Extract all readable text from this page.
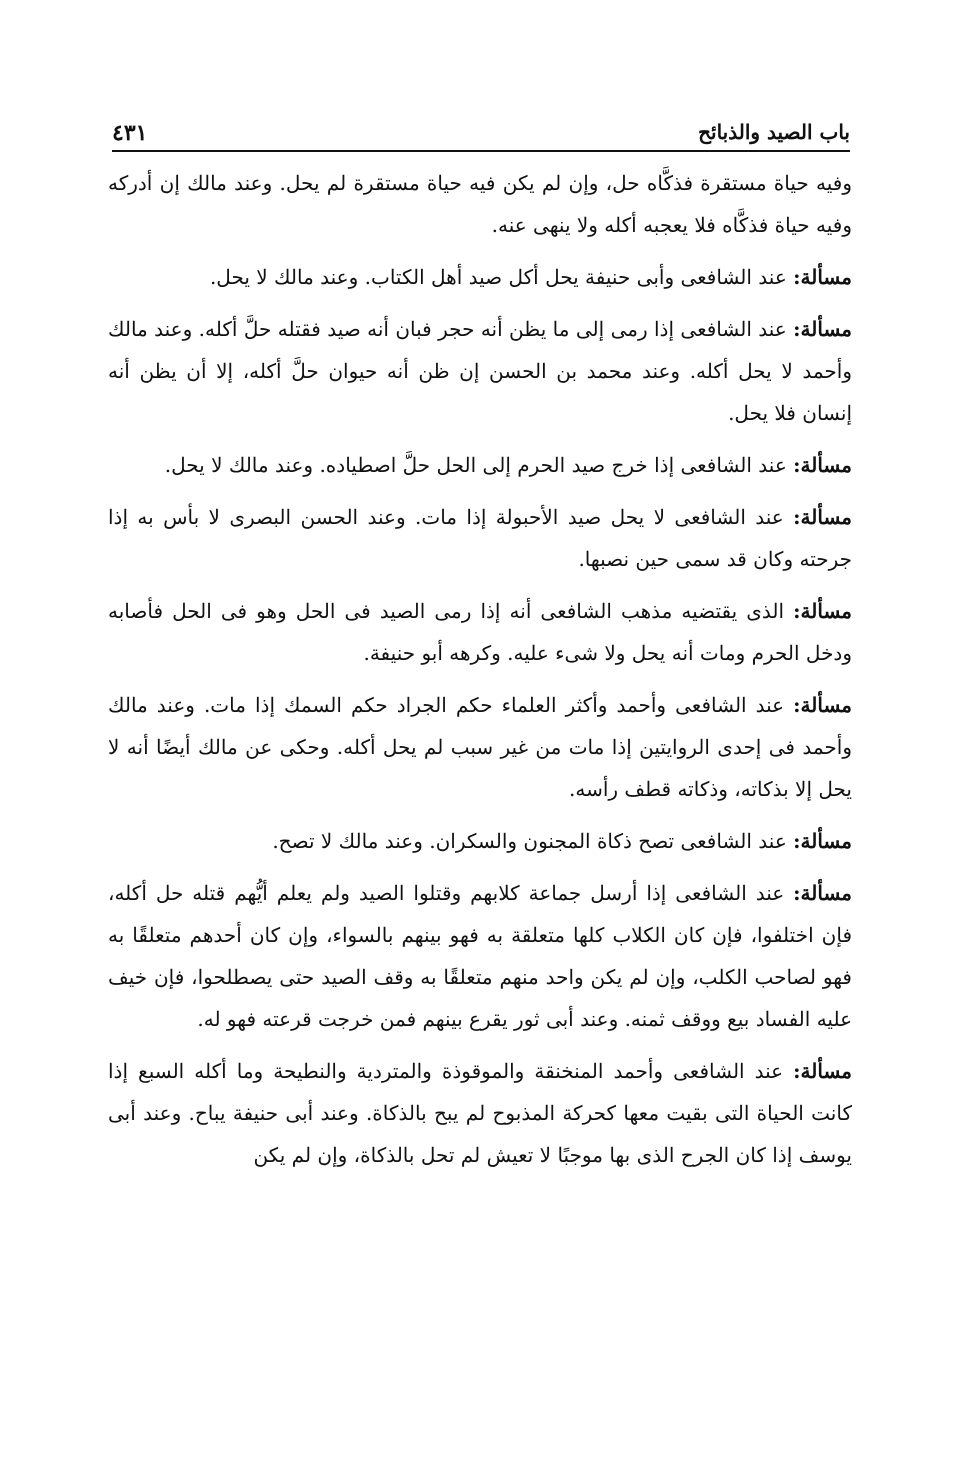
باب الصيد والذبائح
٤٣١

وفيه حياة مستقرة فذكَّاه حل، وإن لم يكن فيه حياة مستقرة لم يحل. وعند مالك إن أدركه وفيه حياة فذكَّاه فلا يعجبه أكله ولا ينهى عنه.

مسألة: عند الشافعى وأبى حنيفة يحل أكل صيد أهل الكتاب. وعند مالك لا يحل.

مسألة: عند الشافعى إذا رمى إلى ما يظن أنه حجر فبان أنه صيد فقتله حلَّ أكله. وعند مالك وأحمد لا يحل أكله. وعند محمد بن الحسن إن ظن أنه حيوان حلَّ أكله، إلا أن يظن أنه إنسان فلا يحل.

مسألة: عند الشافعى إذا خرج صيد الحرم إلى الحل حلَّ اصطياده. وعند مالك لا يحل.

مسألة: عند الشافعى لا يحل صيد الأحبولة إذا مات. وعند الحسن البصرى لا بأس به إذا جرحته وكان قد سمى حين نصبها.

مسألة: الذى يقتضيه مذهب الشافعى أنه إذا رمى الصيد فى الحل وهو فى الحل فأصابه ودخل الحرم ومات أنه يحل ولا شىء عليه. وكرهه أبو حنيفة.

مسألة: عند الشافعى وأحمد وأكثر العلماء حكم الجراد حكم السمك إذا مات. وعند مالك وأحمد فى إحدى الروايتين إذا مات من غير سبب لم يحل أكله. وحكى عن مالك أيضًا أنه لا يحل إلا بذكاته، وذكاته قطف رأسه.

مسألة: عند الشافعى تصح ذكاة المجنون والسكران. وعند مالك لا تصح.

مسألة: عند الشافعى إذا أرسل جماعة كلابهم وقتلوا الصيد ولم يعلم أيُّهم قتله حل أكله، فإن اختلفوا، فإن كان الكلاب كلها متعلقة به فهو بينهم بالسواء، وإن كان أحدهم متعلقًا به فهو لصاحب الكلب، وإن لم يكن واحد منهم متعلقًا به وقف الصيد حتى يصطلحوا، فإن خيف عليه الفساد بيع ووقف ثمنه. وعند أبى ثور يقرع بينهم فمن خرجت قرعته فهو له.

مسألة: عند الشافعى وأحمد المنخنقة والموقوذة والمتردية والنطيحة وما أكله السبع إذا كانت الحياة التى بقيت معها كحركة المذبوح لم يبح بالذكاة. وعند أبى حنيفة يباح. وعند أبى يوسف إذا كان الجرح الذى بها موجبًا لا تعيش لم تحل بالذكاة، وإن لم يكن
